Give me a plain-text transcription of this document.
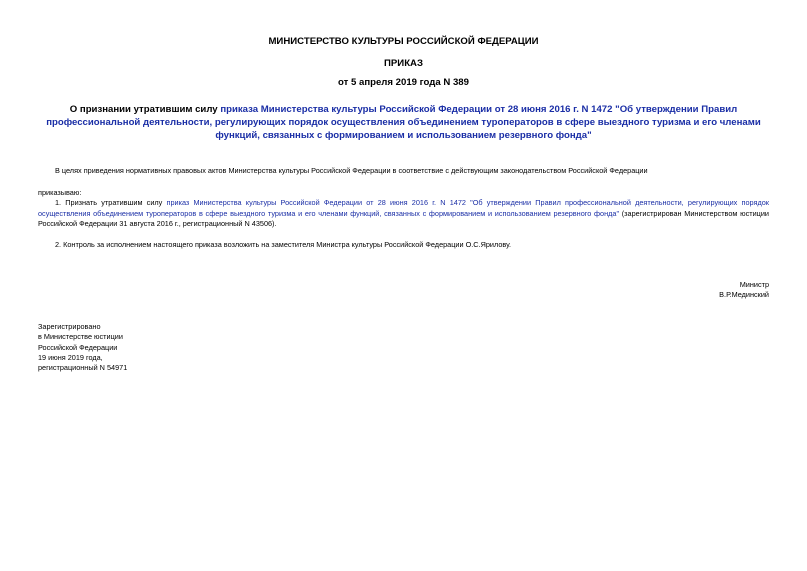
МИНИСТЕРСТВО КУЛЬТУРЫ РОССИЙСКОЙ ФЕДЕРАЦИИ
ПРИКАЗ
от 5 апреля 2019 года N 389
О признании утратившим силу приказа Министерства культуры Российской Федерации от 28 июня 2016 г. N 1472 "Об утверждении Правил профессиональной деятельности, регулирующих порядок осуществления объединением туроператоров в сфере выездного туризма и его членами функций, связанных с формированием и использованием резервного фонда"
В целях приведения нормативных правовых актов Министерства культуры Российской Федерации в соответствие с действующим законодательством Российской Федерации
приказываю:
1. Признать утратившим силу приказ Министерства культуры Российской Федерации от 28 июня 2016 г. N 1472 "Об утверждении Правил профессиональной деятельности, регулирующих порядок осуществления объединением туроператоров в сфере выездного туризма и его членами функций, связанных с формированием и использованием резервного фонда" (зарегистрирован Министерством юстиции Российской Федерации 31 августа 2016 г., регистрационный N 43506).
2. Контроль за исполнением настоящего приказа возложить на заместителя Министра культуры Российской Федерации О.С.Ярилову.
Министр
В.Р.Мединский
Зарегистрировано
в Министерстве юстиции
Российской Федерации
19 июня 2019 года,
регистрационный N 54971
